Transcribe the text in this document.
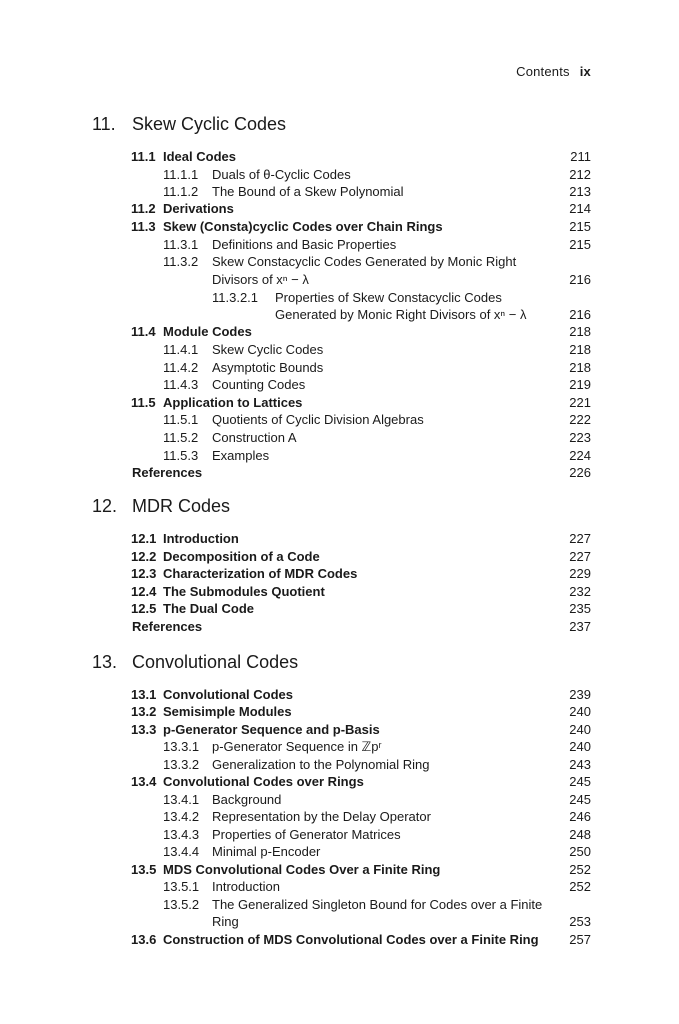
Contents ix
11. Skew Cyclic Codes
11.1 Ideal Codes	211
11.1.1 Duals of θ-Cyclic Codes	212
11.1.2 The Bound of a Skew Polynomial	213
11.2 Derivations	214
11.3 Skew (Consta)cyclic Codes over Chain Rings	215
11.3.1 Definitions and Basic Properties	215
11.3.2 Skew Constacyclic Codes Generated by Monic Right
Divisors of xⁿ − λ	216
11.3.2.1 Properties of Skew Constacyclic Codes
Generated by Monic Right Divisors of xⁿ − λ	216
11.4 Module Codes	218
11.4.1 Skew Cyclic Codes	218
11.4.2 Asymptotic Bounds	218
11.4.3 Counting Codes	219
11.5 Application to Lattices	221
11.5.1 Quotients of Cyclic Division Algebras	222
11.5.2 Construction A	223
11.5.3 Examples	224
References	226
12. MDR Codes
12.1 Introduction	227
12.2 Decomposition of a Code	227
12.3 Characterization of MDR Codes	229
12.4 The Submodules Quotient	232
12.5 The Dual Code	235
References	237
13. Convolutional Codes
13.1 Convolutional Codes	239
13.2 Semisimple Modules	240
13.3 p-Generator Sequence and p-Basis	240
13.3.1 p-Generator Sequence in ℤpʳ	240
13.3.2 Generalization to the Polynomial Ring	243
13.4 Convolutional Codes over Rings	245
13.4.1 Background	245
13.4.2 Representation by the Delay Operator	246
13.4.3 Properties of Generator Matrices	248
13.4.4 Minimal p-Encoder	250
13.5 MDS Convolutional Codes Over a Finite Ring	252
13.5.1 Introduction	252
13.5.2 The Generalized Singleton Bound for Codes over a Finite
Ring	253
13.6 Construction of MDS Convolutional Codes over a Finite Ring 257
